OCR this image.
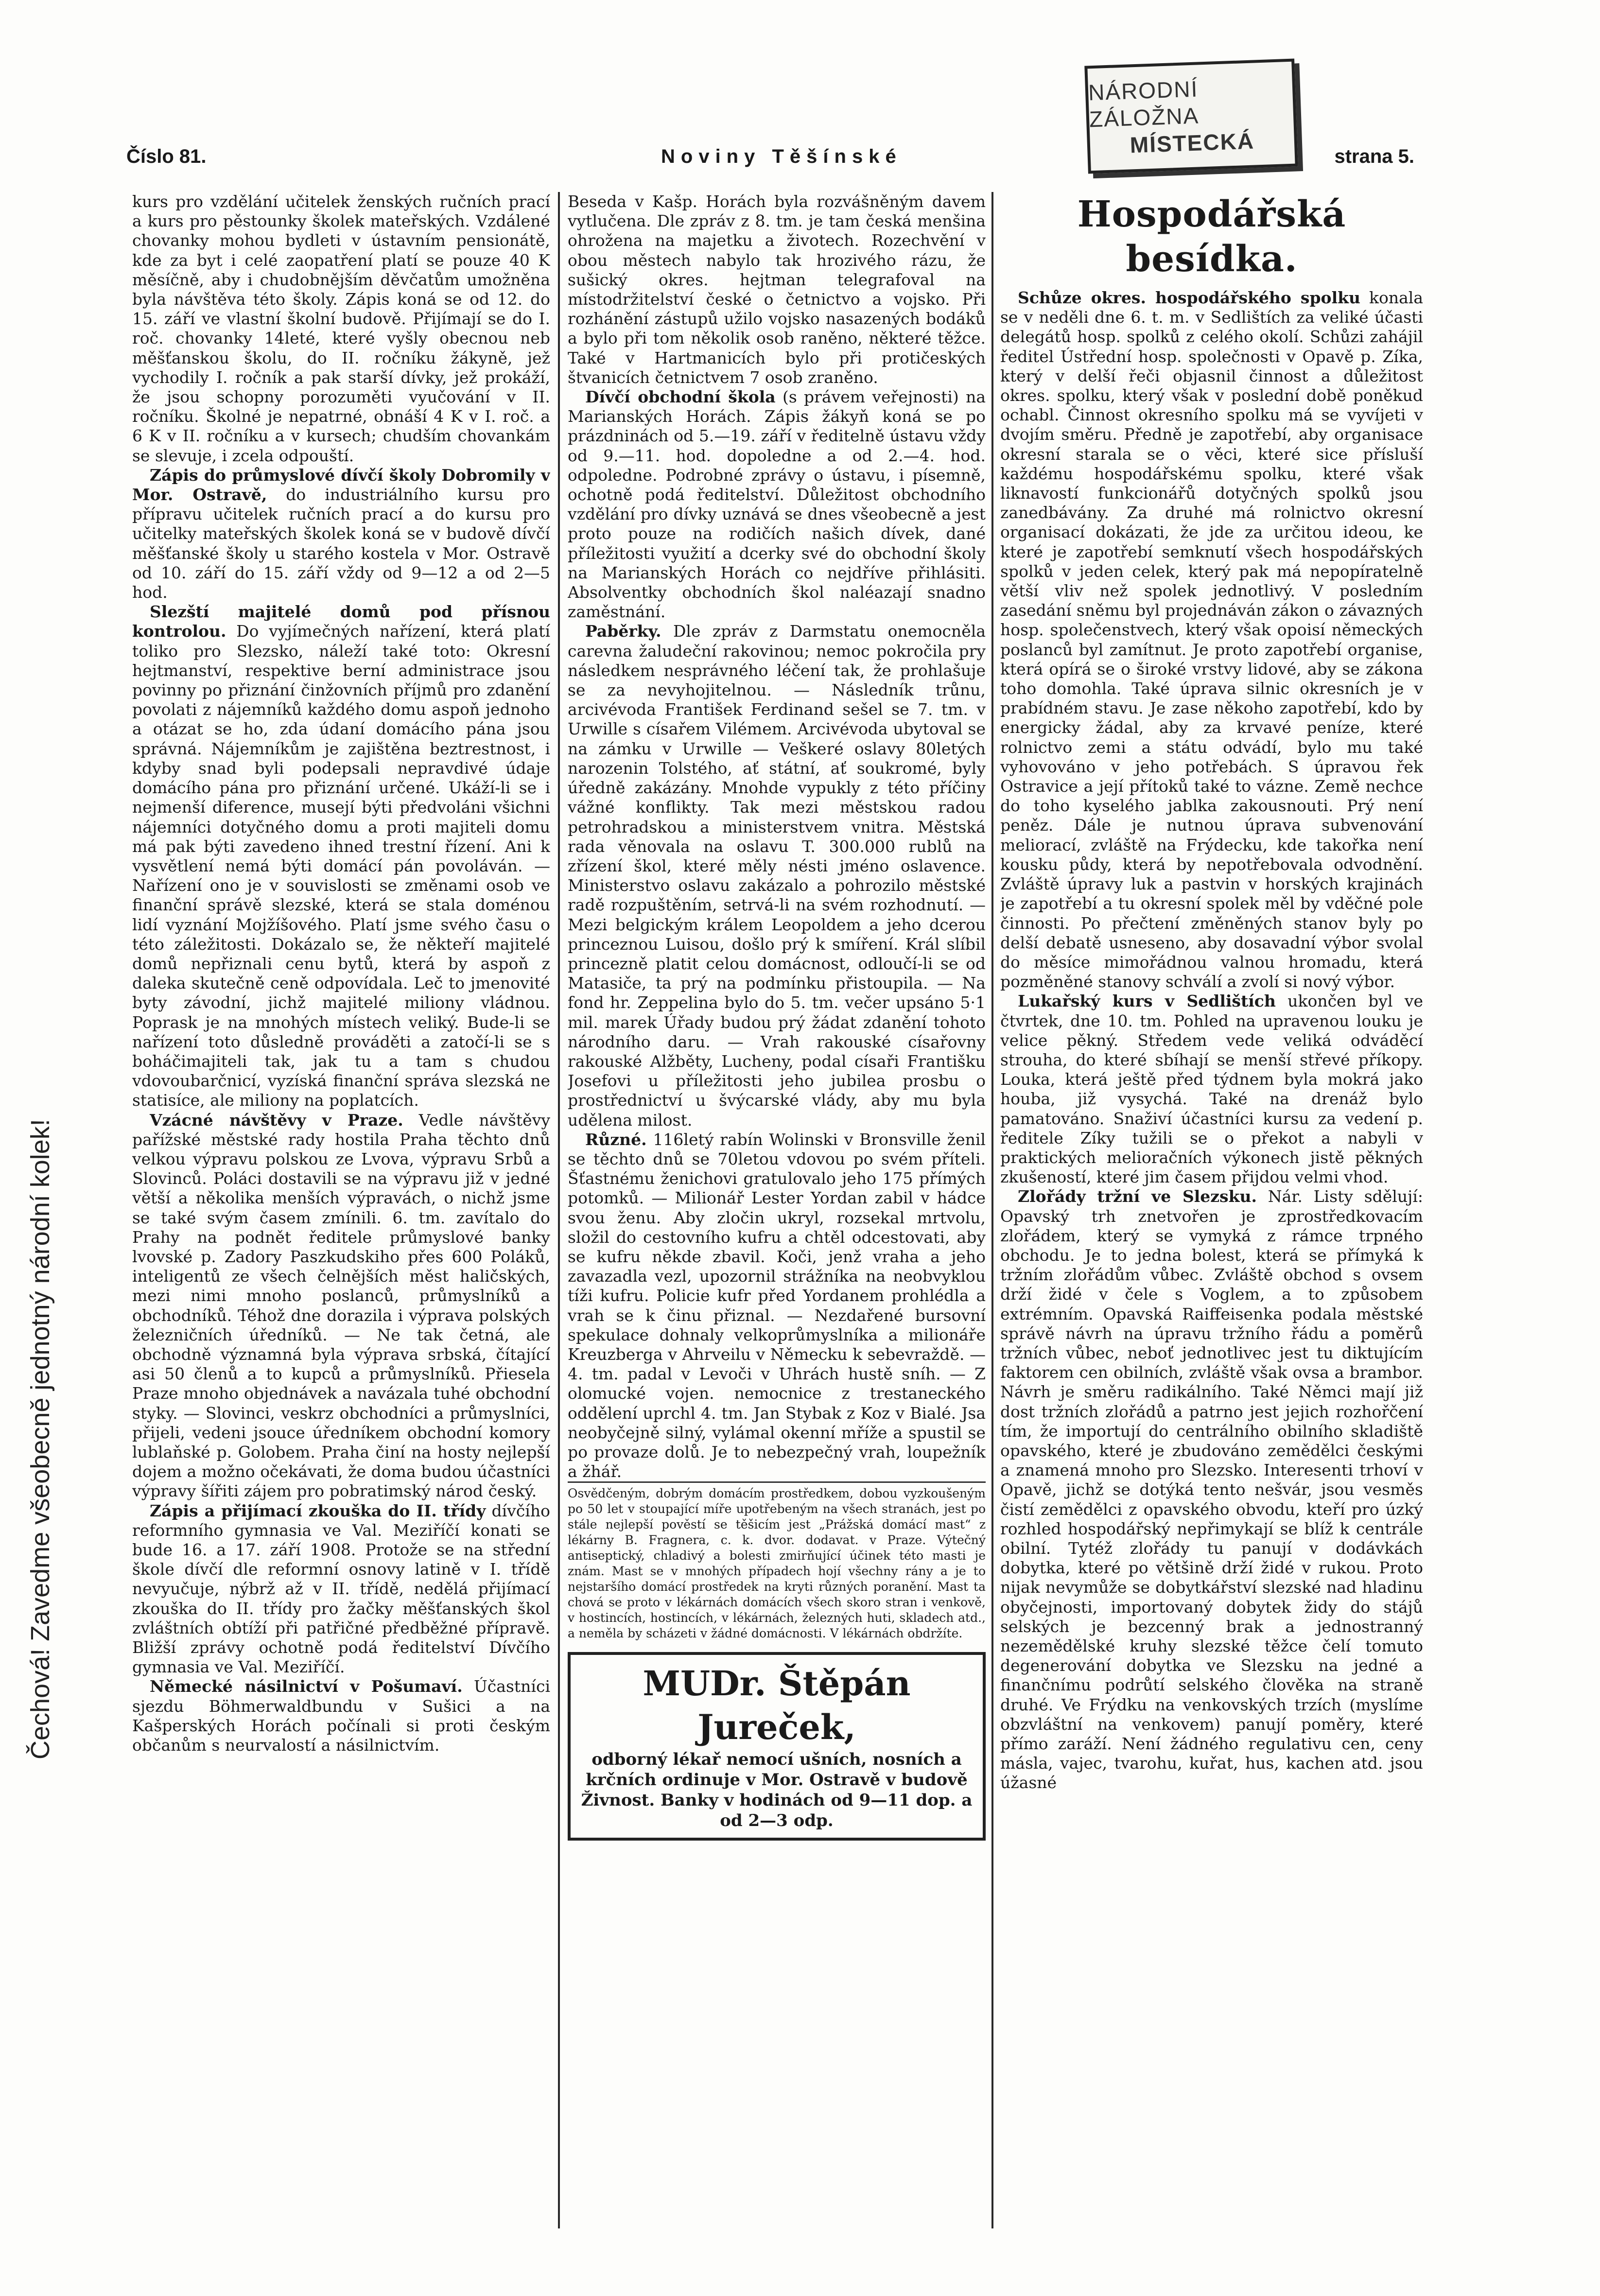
NÁRODNÍ ZÁLOŽNA
MÍSTECKÁ
Číslo 81.	Noviny Těšínské	strana 5.
Čechová! Zavedme všeobecně jednotný národní kolek!

kurs pro vzdělání učitelek ženských ručních prací a kurs pro pěstounky školek mateřských. Vzdálené chovanky mohou bydleti v ústavním pensionátě, kde za byt i celé zaopatření platí se pouze 40 K měsíčně, aby i chudobnějším děvčatům umožněna byla návštěva této školy. Zápis koná se od 12. do 15. září ve vlastní školní budově. Přijímají se do I. roč. chovanky 14leté, které vyšly obecnou neb měšťanskou školu, do II. ročníku žákyně, jež vychodily I. ročník a pak starší dívky, jež prokáží, že jsou schopny porozuměti vyučování v II. ročníku. Školné je nepatrné, obnáší 4 K v I. roč. a 6 K v II. ročníku a v kursech; chudším chovankám se slevuje, i zcela odpouští.

Zápis do průmyslové dívčí školy Dobromily v Mor. Ostravě, do industriálního kursu pro přípravu učitelek ručních prací a do kursu pro učitelky mateřských školek koná se v budově dívčí měšťanské školy u starého kostela v Mor. Ostravě od 10. září do 15. září vždy od 9—12 a od 2—5 hod.

Slezští majitelé domů pod přísnou kontrolou. Do vyjímečných nařízení, která platí toliko pro Slezsko, náleží také toto: Okresní hejtmanství, respektive berní administrace jsou povinny po přiznání činžovních příjmů pro zdanění povolati z nájemníků každého domu aspoň jednoho a otázat se ho, zda údaní domácího pána jsou správná. Nájemníkům je zajištěna beztrestnost, i kdyby snad byli podepsali nepravdivé údaje domácího pána pro přiznání určené. Ukáží-li se i nejmenší diference, musejí býti předvoláni všichni nájemníci dotyčného domu a proti majiteli domu má pak býti zavedeno ihned trestní řízení. Ani k vysvětlení nemá býti domácí pán povoláván. — Nařízení ono je v souvislosti se změnami osob ve finanční správě slezské, která se stala doménou lidí vyznání Mojžíšového. Platí jsme svého času o této záležitosti. Dokázalo se, že někteří majitelé domů nepřiznali cenu bytů, která by aspoň z daleka skutečně ceně odpovídala. Leč to jmenovité byty závodní, jichž majitelé miliony vládnou. Poprask je na mnohých místech veliký. Bude-li se nařízení toto důsledně prováděti a zatočí-li se s boháčimajiteli tak, jak tu a tam s chudou vdovoubarčnicí, vyzíská finanční správa slezská ne statisíce, ale miliony na poplatcích.

Vzácné návštěvy v Praze. Vedle návštěvy pařížské městské rady hostila Praha těchto dnů velkou výpravu polskou ze Lvova, výpravu Srbů a Slovinců. Poláci dostavili se na výpravu již v jedné větší a několika menších výpravách, o nichž jsme se také svým časem zmínili. 6. tm. zavítalo do Prahy na podnět ředitele průmyslové banky lvovské p. Zadory Paszkudskiho přes 600 Poláků, inteligentů ze všech čelnějších měst haličských, mezi nimi mnoho poslanců, průmyslníků a obchodníků. Téhož dne dorazila i výprava polských železničních úředníků. — Ne tak četná, ale obchodně významná byla výprava srbská, čítající asi 50 členů a to kupců a průmyslníků. Přiesela Praze mnoho objednávek a navázala tuhé obchodní styky. — Slovinci, veskrz obchodníci a průmyslníci, přijeli, vedeni jsouce úředníkem obchodní komory lublaňské p. Golobem. Praha činí na hosty nejlepší dojem a možno očekávati, že doma budou účastníci výpravy šířiti zájem pro pobratimský národ český.

Zápis a přijímací zkouška do II. třídy dívčího reformního gymnasia ve Val. Meziříčí konati se bude 16. a 17. září 1908. Protože se na střední škole dívčí dle reformní osnovy latině v I. třídě nevyučuje, nýbrž až v II. třídě, nedělá přijímací zkouška do II. třídy pro žačky měšťanských škol zvláštních obtíží při patřičné předběžné přípravě. Bližší zprávy ochotně podá ředitelství Dívčího gymnasia ve Val. Meziříčí.

Německé násilnictví v Pošumaví. Účastníci sjezdu Böhmerwaldbundu v Sušici a na Kašperských Horách počínali si proti českým občanům s neurvalostí a násilnictvím.

Beseda v Kašp. Horách byla rozvášněným davem vytlučena. Dle zpráv z 8. tm. je tam česká menšina ohrožena na majetku a životech. Rozechvění v obou městech nabylo tak hrozivého rázu, že sušický okres. hejtman telegrafoval na místodržitelství české o četnictvo a vojsko. Při rozhánění zástupů užilo vojsko nasazených bodáků a bylo při tom několik osob raněno, některé těžce. Také v Hartmanicích bylo při protičeských štvanicích četnictvem 7 osob zraněno.

Dívčí obchodní škola (s právem veřejnosti) na Marianských Horách. Zápis žákyň koná se po prázdninách od 5.—19. září v ředitelně ústavu vždy od 9.—11. hod. dopoledne a od 2.—4. hod. odpoledne. Podrobné zprávy o ústavu, i písemně, ochotně podá ředitelství. Důležitost obchodního vzdělání pro dívky uznává se dnes všeobecně a jest proto pouze na rodičích našich dívek, dané příležitosti využití a dcerky své do obchodní školy na Marianských Horách co nejdříve přihlásiti. Absolventky obchodních škol naléazají snadno zaměstnání.

Paběrky. Dle zpráv z Darmstatu onemocněla carevna žaludeční rakovinou; nemoc pokročila pry následkem nesprávného léčení tak, že prohlašuje se za nevyhojitelnou. — Následník trůnu, arcivévoda František Ferdinand sešel se 7. tm. v Urwille s císařem Vilémem. Arcivévoda ubytoval se na zámku v Urwille — Veškeré oslavy 80letých narozenin Tolstého, ať státní, ať soukromé, byly úředně zakázány. Mnohde vypukly z této příčiny vážné konflikty. Tak mezi městskou radou petrohradskou a ministerstvem vnitra. Městská rada věnovala na oslavu T. 300.000 rublů na zřízení škol, které měly nésti jméno oslavence. Ministerstvo oslavu zakázalo a pohrozilo městské radě rozpuštěním, setrvá-li na svém rozhodnutí. — Mezi belgickým králem Leopoldem a jeho dcerou princeznou Luisou, došlo prý k smíření. Král slíbil princezně platit celou domácnost, odloučí-li se od Matasiče, ta prý na podmínku přistoupila. — Na fond hr. Zeppelina bylo do 5. tm. večer upsáno 5·1 mil. marek Úřady budou prý žádat zdanění tohoto národního daru. — Vrah rakouské císařovny rakouské Alžběty, Lucheny, podal císaři Františku Josefovi u příležitosti jeho jubilea prosbu o prostřednictví u švýcarské vlády, aby mu byla udělena milost.

Různé. 116letý rabín Wolinski v Bronsville ženil se těchto dnů se 70letou vdovou po svém příteli. Šťastnému ženichovi gratulovalo jeho 175 přímých potomků. — Milionář Lester Yordan zabil v hádce svou ženu. Aby zločin ukryl, rozsekal mrtvolu, složil do cestovního kufru a chtěl odcestovati, aby se kufru někde zbavil. Koči, jenž vraha a jeho zavazadla vezl, upozornil strážníka na neobvyklou tíži kufru. Policie kufr před Yordanem prohlédla a vrah se k činu přiznal. — Nezdařené bursovní spekulace dohnaly velkoprůmyslníka a milionáře Kreuzberga v Ahrveilu v Německu k sebevraždě. — 4. tm. padal v Levoči v Uhrách hustě sníh. — Z olomucké vojen. nemocnice z trestaneckého oddělení uprchl 4. tm. Jan Stybak z Koz v Bialé. Jsa neobyčejně silný, vylámal okenní mříže a spustil se po provaze dolů. Je to nebezpečný vrah, loupežník a žhář.

Osvědčeným, dobrým domácím prostředkem, dobou vyzkoušeným po 50 let v stoupající míře upotřebeným na všech stranách, jest po stále nejlepší pověstí se těšicím jest „Prážská domácí mast“ z lékárny B. Fragnera, c. k. dvor. dodavat. v Praze. Výtečný antiseptický, chladivý a bolesti zmirňující účinek této masti je znám. Mast se v mnohých případech hojí všechny rány a je to nejstaršího domácí prostředek na kryti různých poranění. Mast ta chová se proto v lékárnách domácích všech skoro stran i venkově, v hostincích, hostincích, v lékárnách, železných huti, skladech atd., a neměla by scházeti v žádné domácnosti. V lékárnách obdržíte.

MUDr. Štěpán Jureček,
odborný lékař nemocí ušních, nosních a krčních ordinuje v Mor. Ostravě v budově Živnost. Banky v hodinách od 9—11 dop. a od 2—3 odp.
Hospodářská besídka.

Schůze okres. hospodářského spolku konala se v neděli dne 6. t. m. v Sedlištích za veliké účasti delegátů hosp. spolků z celého okolí. Schůzi zahájil ředitel Ústřední hosp. společnosti v Opavě p. Zíka, který v delší řeči objasnil činnost a důležitost okres. spolku, který však v poslední době poněkud ochabl. Činnost okresního spolku má se vyvíjeti v dvojím směru. Předně je zapotřebí, aby organisace okresní starala se o věci, které sice přísluší každému hospodářskému spolku, které však liknavostí funkcionářů dotyčných spolků jsou zanedbávány. Za druhé má rolnictvo okresní organisací dokázati, že jde za určitou ideou, ke které je zapotřebí semknutí všech hospodářských spolků v jeden celek, který pak má nepopíratelně větší vliv než spolek jednotlivý. V posledním zasedání sněmu byl projednáván zákon o závazných hosp. společenstvech, který však opoisí německých poslanců byl zamítnut. Je proto zapotřebí organise, která opírá se o široké vrstvy lidové, aby se zákona toho domohla. Také úprava silnic okresních je v prabídném stavu. Je zase někoho zapotřebí, kdo by energicky žádal, aby za krvavé peníze, které rolnictvo zemi a státu odvádí, bylo mu také vyhovováno v jeho potřebách. S úpravou řek Ostravice a její přítoků také to vázne. Země nechce do toho kyselého jablka zakousnouti. Prý není peněz. Dále je nutnou úprava subvenování meliorací, zvláště na Frýdecku, kde takořka není kousku půdy, která by nepotřebovala odvodnění. Zvláště úpravy luk a pastvin v horských krajinách je zapotřebí a tu okresní spolek měl by vděčné pole činnosti. Po přečtení změněných stanov byly po delší debatě usneseno, aby dosavadní výbor svolal do měsíce mimořádnou valnou hromadu, která pozměněné stanovy schválí a zvolí si nový výbor.

Lukařský kurs v Sedlištích ukončen byl ve čtvrtek, dne 10. tm. Pohled na upravenou louku je velice pěkný. Středem vede veliká odváděcí strouha, do které sbíhají se menší střevé příkopy. Louka, která ještě před týdnem byla mokrá jako houba, již vysychá. Také na drenáž bylo pamatováno. Snaživí účastníci kursu za vedení p. ředitele Zíky tužili se o překot a nabyli v praktických melioračních výkonech jistě pěkných zkušeností, které jim časem přijdou velmi vhod.

Zlořády tržní ve Slezsku. Nár. Listy sdělují: Opavský trh znetvořen je zprostředkovacím zlořádem, který se vymyká z rámce trpného obchodu. Je to jedna bolest, která se přímyká k tržním zlořádům vůbec. Zvláště obchod s ovsem drží židé v čele s Voglem, a to způsobem extrémním. Opavská Raiffeisenka podala městské správě návrh na úpravu tržního řádu a poměrů tržních vůbec, neboť jednotlivec jest tu diktujícím faktorem cen obilních, zvláště však ovsa a brambor. Návrh je směru radikálního. Také Němci mají již dost tržních zlořádů a patrno jest jejich rozhořčení tím, že importují do centrálního obilního skladiště opavského, které je zbudováno zemědělci českými a znamená mnoho pro Slezsko. Interesenti trhoví v Opavě, jichž se dotýká tento nešvár, jsou vesměs čistí zemědělci z opavského obvodu, kteří pro úzký rozhled hospodářský nepřimykají se blíž k centrále obilní. Tytéž zlořády tu panují v dodávkách dobytka, které po většině drží židé v rukou. Proto nijak nevymůže se dobytkářství slezské nad hladinu obyčejnosti, importovaný dobytek židy do stájů selských je bezcenný brak a jednostranný nezemědělské kruhy slezské těžce čelí tomuto degenerování dobytka ve Slezsku na jedné a finančnímu podrůtí selského člověka na straně druhé. Ve Frýdku na venkovských trzích (myslíme obzvláštní na venkovem) panují poměry, které přímo zaráží. Není žádného regulativu cen, ceny másla, vajec, tvarohu, kuřat, hus, kachen atd. jsou úžasné
